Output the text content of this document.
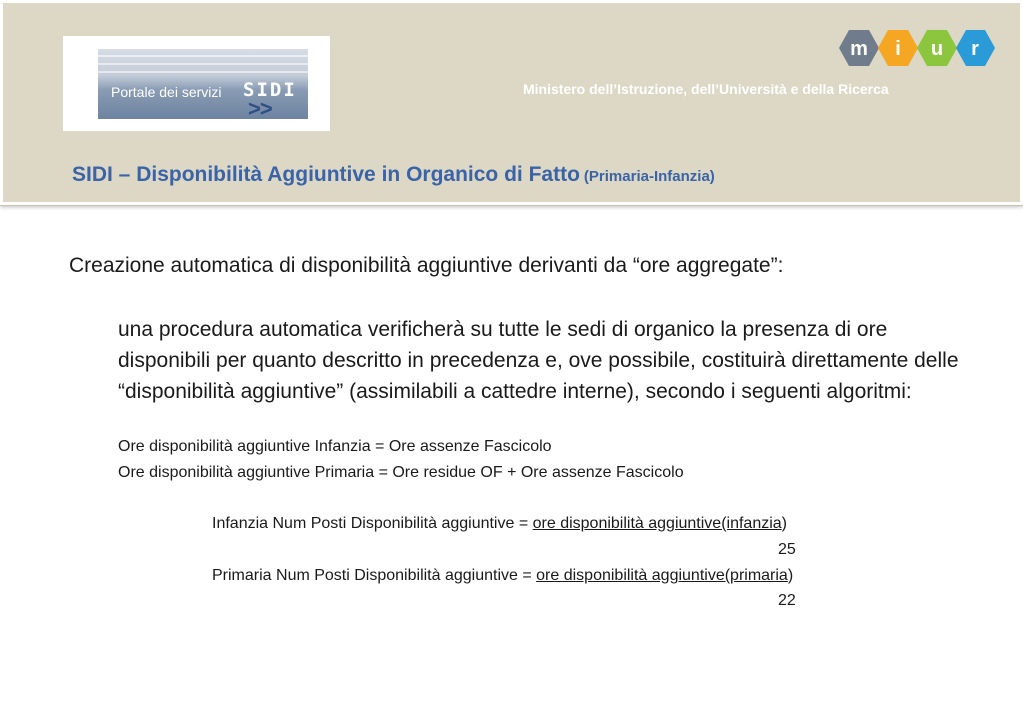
Portale dei servizi SIDI
>>
m i u r
Ministero dell’Istruzione, dell’Università e della Ricerca
SIDI – Disponibilità Aggiuntive in Organico di Fatto (Primaria-Infanzia)

Creazione automatica di disponibilità aggiuntive derivanti da “ore aggregate”:

una procedura automatica verificherà su tutte le sedi di organico la presenza di ore disponibili per quanto descritto in precedenza e, ove possibile, costituirà direttamente delle “disponibilità aggiuntive” (assimilabili a cattedre interne), secondo i seguenti algoritmi:
Ore disponibilità aggiuntive Infanzia = Ore assenze Fascicolo
Ore disponibilità aggiuntive Primaria = Ore residue OF + Ore assenze Fascicolo
Infanzia Num Posti Disponibilità aggiuntive = ore disponibilità aggiuntive(infanzia)
25
Primaria Num Posti Disponibilità aggiuntive = ore disponibilità aggiuntive(primaria)
22
